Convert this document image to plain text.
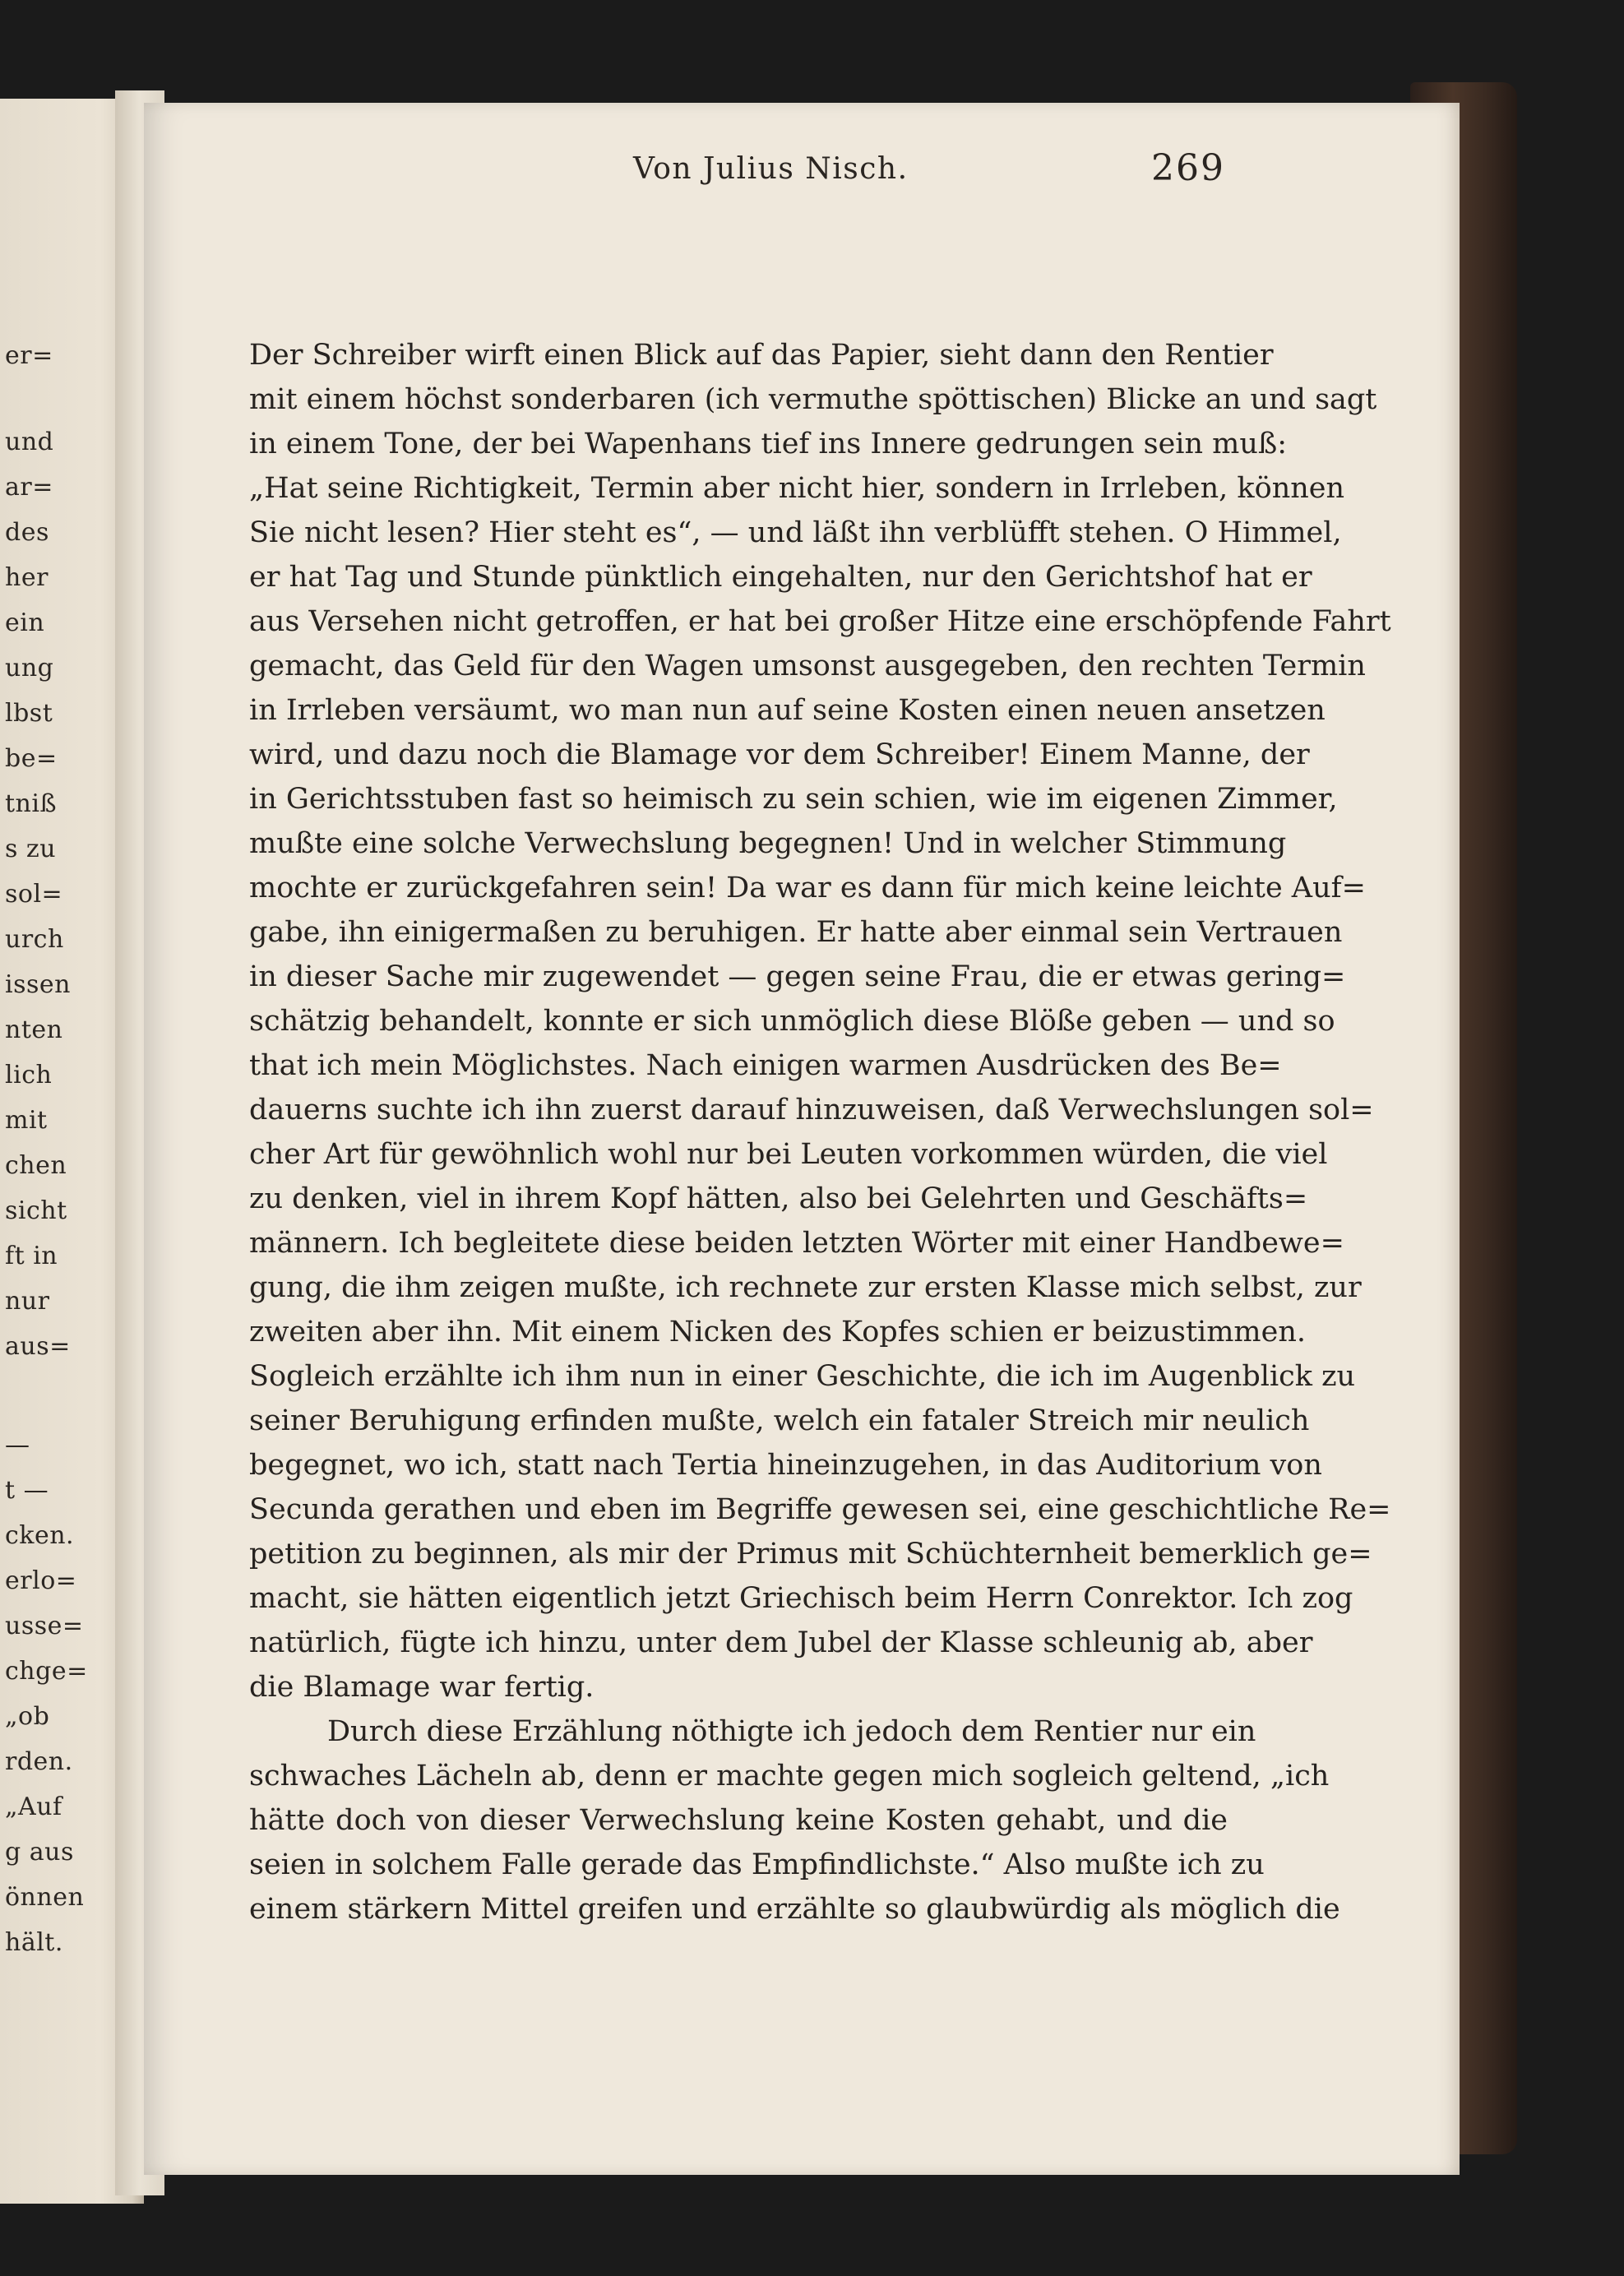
er=
und
ar=
des
her
ein
ung
lbst
be=
tniß
s zu
sol=
urch
issen
nten
lich
mit
chen
sicht
ft in
nur
aus=
—
t —
cken.
erlo=
usse=
chge=
„ob
rden.
„Auf
g aus
önnen
hält.
Von Julius Nisch.	269
Der Schreiber wirft einen Blick auf das Papier, sieht dann den Rentier
mit einem höchst sonderbaren (ich vermuthe spöttischen) Blicke an und sagt
in einem Tone, der bei Wapenhans tief ins Innere gedrungen sein muß:
„Hat seine Richtigkeit, Termin aber nicht hier, sondern in Irrleben, können
Sie nicht lesen? Hier steht es“, — und läßt ihn verblüfft stehen. O Himmel,
er hat Tag und Stunde pünktlich eingehalten, nur den Gerichtshof hat er
aus Versehen nicht getroffen, er hat bei großer Hitze eine erschöpfende Fahrt
gemacht, das Geld für den Wagen umsonst ausgegeben, den rechten Termin
in Irrleben versäumt, wo man nun auf seine Kosten einen neuen ansetzen
wird, und dazu noch die Blamage vor dem Schreiber! Einem Manne, der
in Gerichtsstuben fast so heimisch zu sein schien, wie im eigenen Zimmer,
mußte eine solche Verwechslung begegnen! Und in welcher Stimmung
mochte er zurückgefahren sein! Da war es dann für mich keine leichte Auf=
gabe, ihn einigermaßen zu beruhigen. Er hatte aber einmal sein Vertrauen
in dieser Sache mir zugewendet — gegen seine Frau, die er etwas gering=
schätzig behandelt, konnte er sich unmöglich diese Blöße geben — und so
that ich mein Möglichstes. Nach einigen warmen Ausdrücken des Be=
dauerns suchte ich ihn zuerst darauf hinzuweisen, daß Verwechslungen sol=
cher Art für gewöhnlich wohl nur bei Leuten vorkommen würden, die viel
zu denken, viel in ihrem Kopf hätten, also bei Gelehrten und Geschäfts=
männern. Ich begleitete diese beiden letzten Wörter mit einer Handbewe=
gung, die ihm zeigen mußte, ich rechnete zur ersten Klasse mich selbst, zur
zweiten aber ihn. Mit einem Nicken des Kopfes schien er beizustimmen.
Sogleich erzählte ich ihm nun in einer Geschichte, die ich im Augenblick zu
seiner Beruhigung erfinden mußte, welch ein fataler Streich mir neulich
begegnet, wo ich, statt nach Tertia hineinzugehen, in das Auditorium von
Secunda gerathen und eben im Begriffe gewesen sei, eine geschichtliche Re=
petition zu beginnen, als mir der Primus mit Schüchternheit bemerklich ge=
macht, sie hätten eigentlich jetzt Griechisch beim Herrn Conrektor. Ich zog
natürlich, fügte ich hinzu, unter dem Jubel der Klasse schleunig ab, aber
die Blamage war fertig.
Durch diese Erzählung nöthigte ich jedoch dem Rentier nur ein
schwaches Lächeln ab, denn er machte gegen mich sogleich geltend, „ich
hätte doch von dieser Verwechslung keine Kosten gehabt, und die
seien in solchem Falle gerade das Empfindlichste.“ Also mußte ich zu
einem stärkern Mittel greifen und erzählte so glaubwürdig als möglich die
